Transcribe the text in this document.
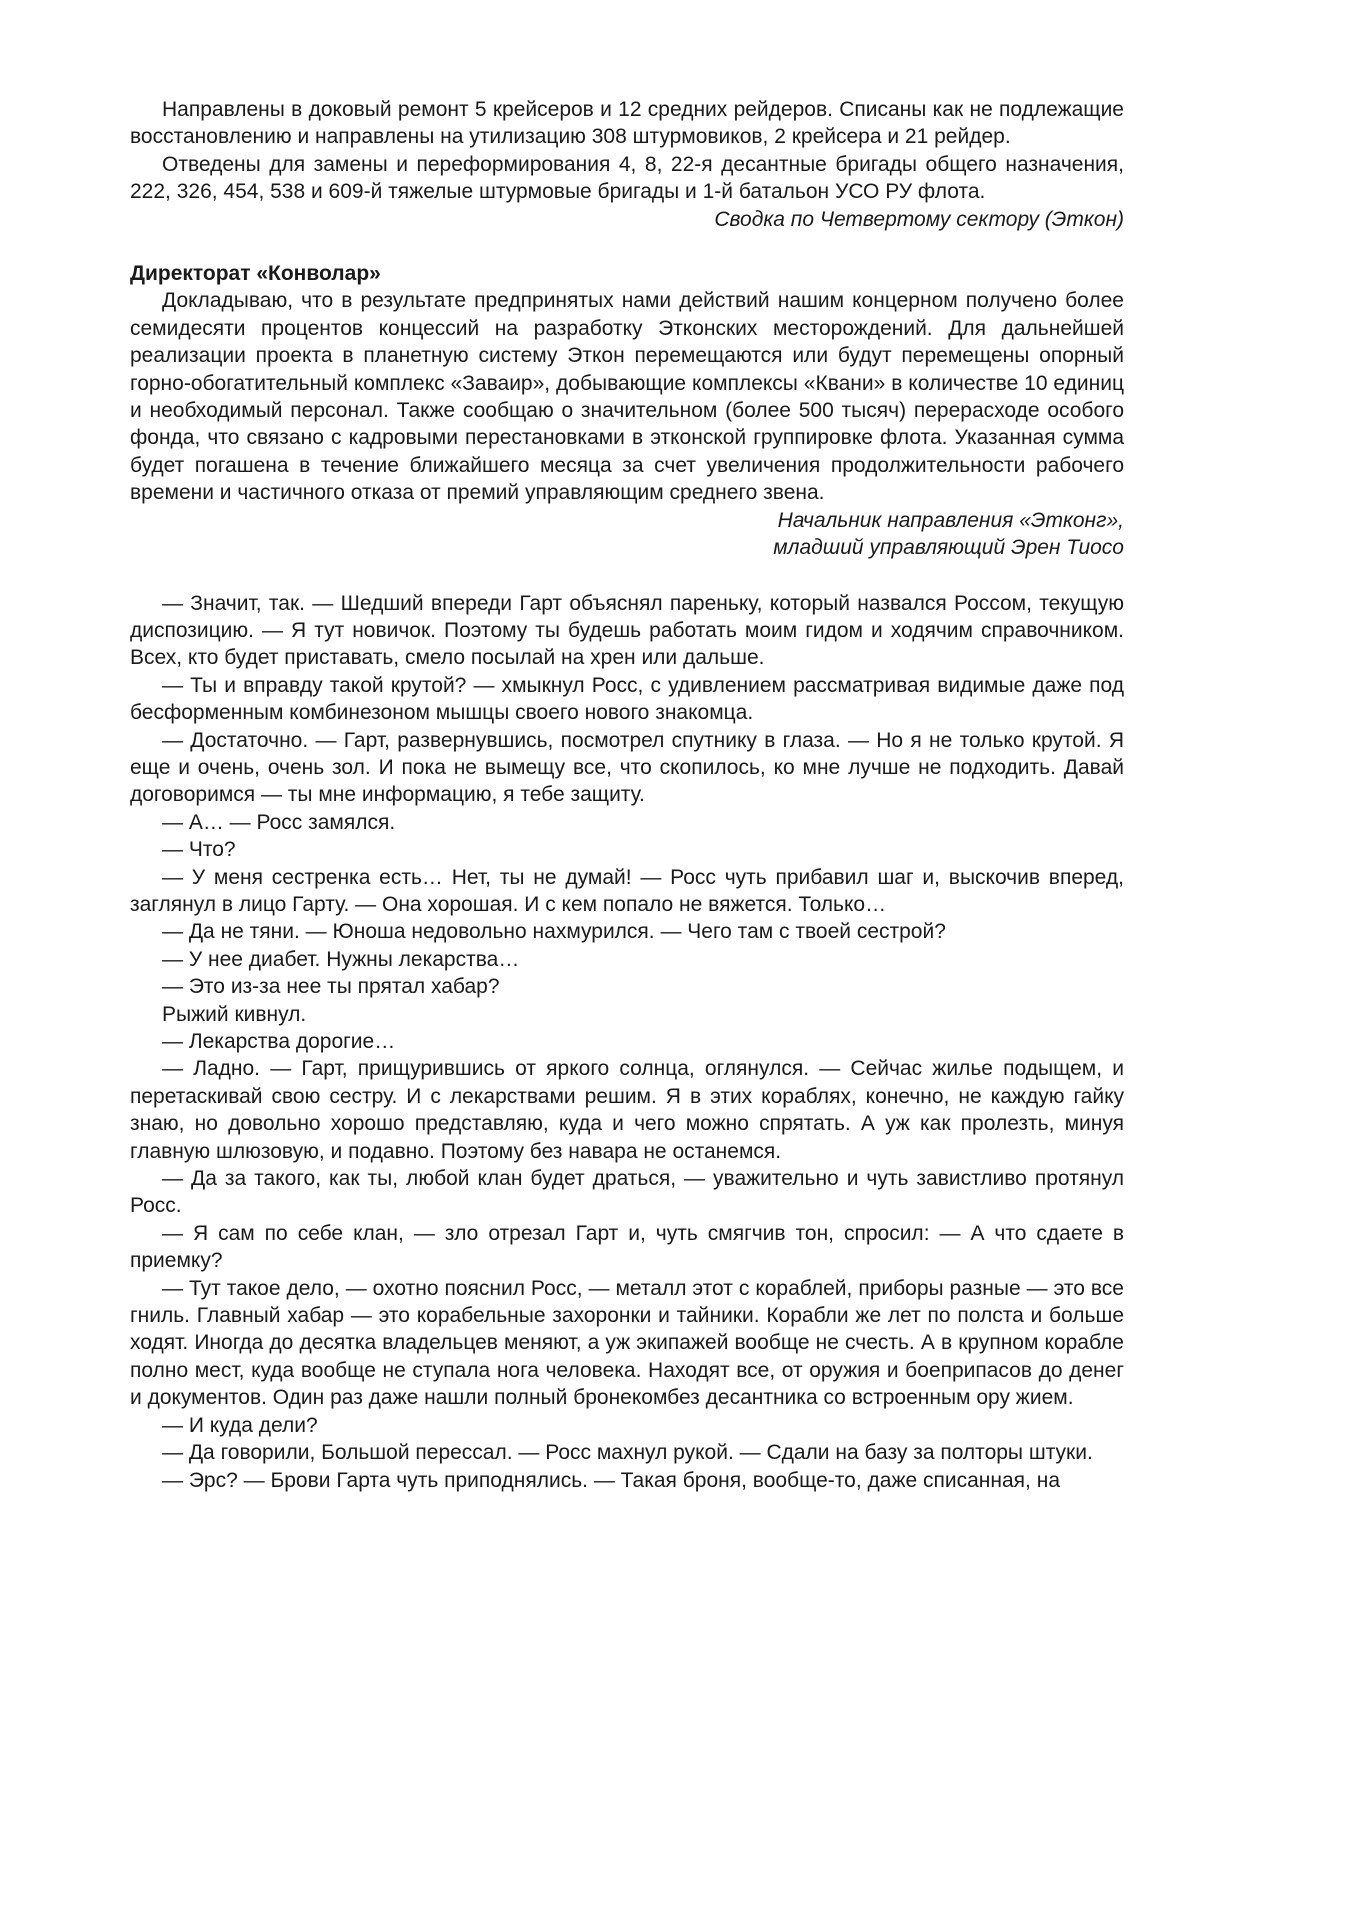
Направлены в доковый ремонт 5 крейсеров и 12 средних рейдеров. Списаны как не подлежащие восстановлению и направлены на утилизацию 308 штурмовиков, 2 крейсера и 21 рейдер.

Отведены для замены и переформирования 4, 8, 22-я десантные бригады общего назначения, 222, 326, 454, 538 и 609-й тяжелые штурмовые бригады и 1-й батальон УСО РУ флота.

Сводка по Четвертому сектору (Эткон)

Директорат «Конволар»

Докладываю, что в результате предпринятых нами действий нашим концерном получено более семидесяти процентов концессий на разработку Этконских месторождений. Для дальнейшей реализации проекта в планетную систему Эткон перемещаются или будут перемещены опорный горно-обогатительный комплекс «Заваир», добывающие комплексы «Квани» в количестве 10 единиц и необходимый персонал. Также сообщаю о значительном (более 500 тысяч) перерасходе особого фонда, что связано с кадровыми перестановками в этконской группировке флота. Указанная сумма будет погашена в течение ближайшего месяца за счет увеличения продолжительности рабочего времени и частичного отказа от премий управляющим среднего звена.

Начальник направления «Этконг»,

младший управляющий Эрен Тиосо

— Значит, так. — Шедший впереди Гарт объяснял пареньку, который назвался Россом, текущую диспозицию. — Я тут новичок. Поэтому ты будешь работать моим гидом и ходячим справочником. Всех, кто будет приставать, смело посылай на хрен или дальше.

— Ты и вправду такой крутой? — хмыкнул Росс, с удивлением рассматривая видимые даже под бесформенным комбинезоном мышцы своего нового знакомца.

— Достаточно. — Гарт, развернувшись, посмотрел спутнику в глаза. — Но я не только крутой. Я еще и очень, очень зол. И пока не вымещу все, что скопилось, ко мне лучше не подходить. Давай договоримся — ты мне информацию, я тебе защиту.

— А… — Росс замялся.

— Что?

— У меня сестренка есть… Нет, ты не думай! — Росс чуть прибавил шаг и, выскочив вперед, заглянул в лицо Гарту. — Она хорошая. И с кем попало не вяжется. Только…

— Да не тяни. — Юноша недовольно нахмурился. — Чего там с твоей сестрой?

— У нее диабет. Нужны лекарства…

— Это из-за нее ты прятал хабар?

Рыжий кивнул.

— Лекарства дорогие…

— Ладно. — Гарт, прищурившись от яркого солнца, оглянулся. — Сейчас жилье подыщем, и перетаскивай свою сестру. И с лекарствами решим. Я в этих кораблях, конечно, не каждую гайку знаю, но довольно хорошо представляю, куда и чего можно спрятать. А уж как пролезть, минуя главную шлюзовую, и подавно. Поэтому без навара не останемся.

— Да за такого, как ты, любой клан будет драться, — уважительно и чуть завистливо протянул Росс.

— Я сам по себе клан, — зло отрезал Гарт и, чуть смягчив тон, спросил: — А что сдаете в приемку?

— Тут такое дело, — охотно пояснил Росс, — металл этот с кораблей, приборы разные — это все гниль. Главный хабар — это корабельные захоронки и тайники. Корабли же лет по полста и больше ходят. Иногда до десятка владельцев меняют, а уж экипажей вообще не счесть. А в крупном корабле полно мест, куда вообще не ступала нога человека. Находят все, от оружия и боеприпасов до денег и документов. Один раз даже нашли полный бронекомбез десантника со встроенным ору жием.

— И куда дели?

— Да говорили, Большой пересcал. — Росс махнул рукой. — Сдали на базу за полторы штуки.

— Эрс? — Брови Гарта чуть приподнялись. — Такая броня, вообще-то, даже списанная, на
